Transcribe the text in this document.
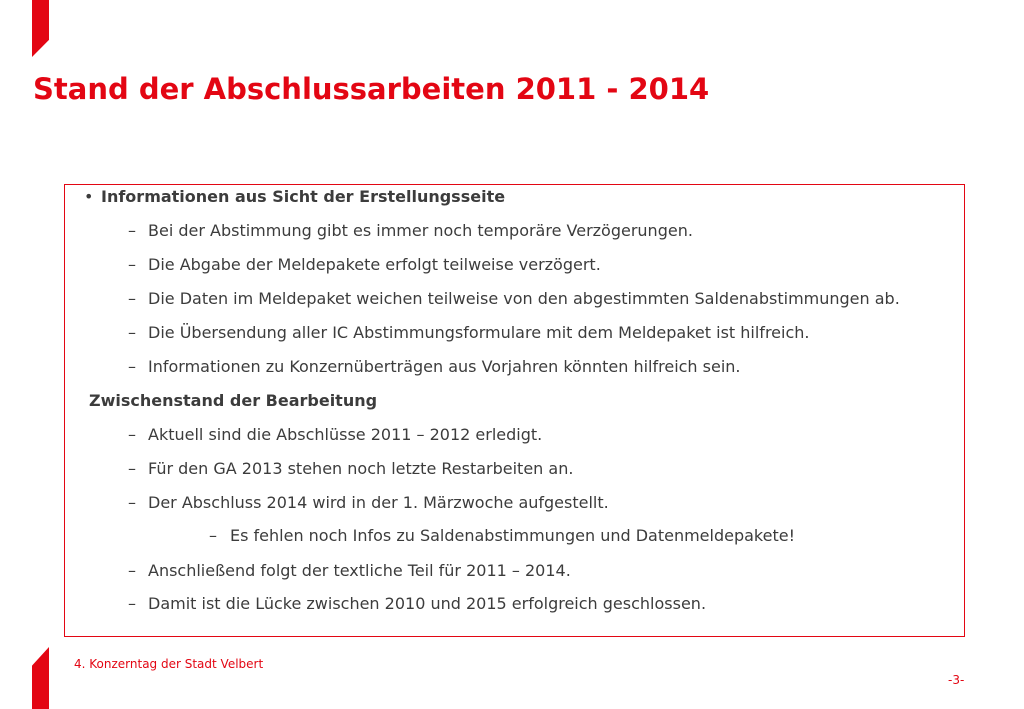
Stand der Abschlussarbeiten 2011 - 2014
• Informationen aus Sicht der Erstellungsseite
– Bei der Abstimmung gibt es immer noch temporäre Verzögerungen.
– Die Abgabe der Meldepakete erfolgt teilweise verzögert.
– Die Daten im Meldepaket weichen teilweise von den abgestimmten Saldenabstimmungen ab.
– Die Übersendung aller IC Abstimmungsformulare mit dem Meldepaket ist hilfreich.
– Informationen zu Konzernüberträgen aus Vorjahren könnten hilfreich sein.
Zwischenstand der Bearbeitung
– Aktuell sind die Abschlüsse 2011 – 2012 erledigt.
– Für den GA 2013 stehen noch letzte Restarbeiten an.
– Der Abschluss 2014 wird in der 1. Märzwoche aufgestellt.
– Es fehlen noch Infos zu Saldenabstimmungen und Datenmeldepakete!
– Anschließend folgt der textliche Teil für 2011 – 2014.
– Damit ist die Lücke zwischen 2010 und 2015 erfolgreich geschlossen.
4. Konzerntag der Stadt Velbert
-3-
